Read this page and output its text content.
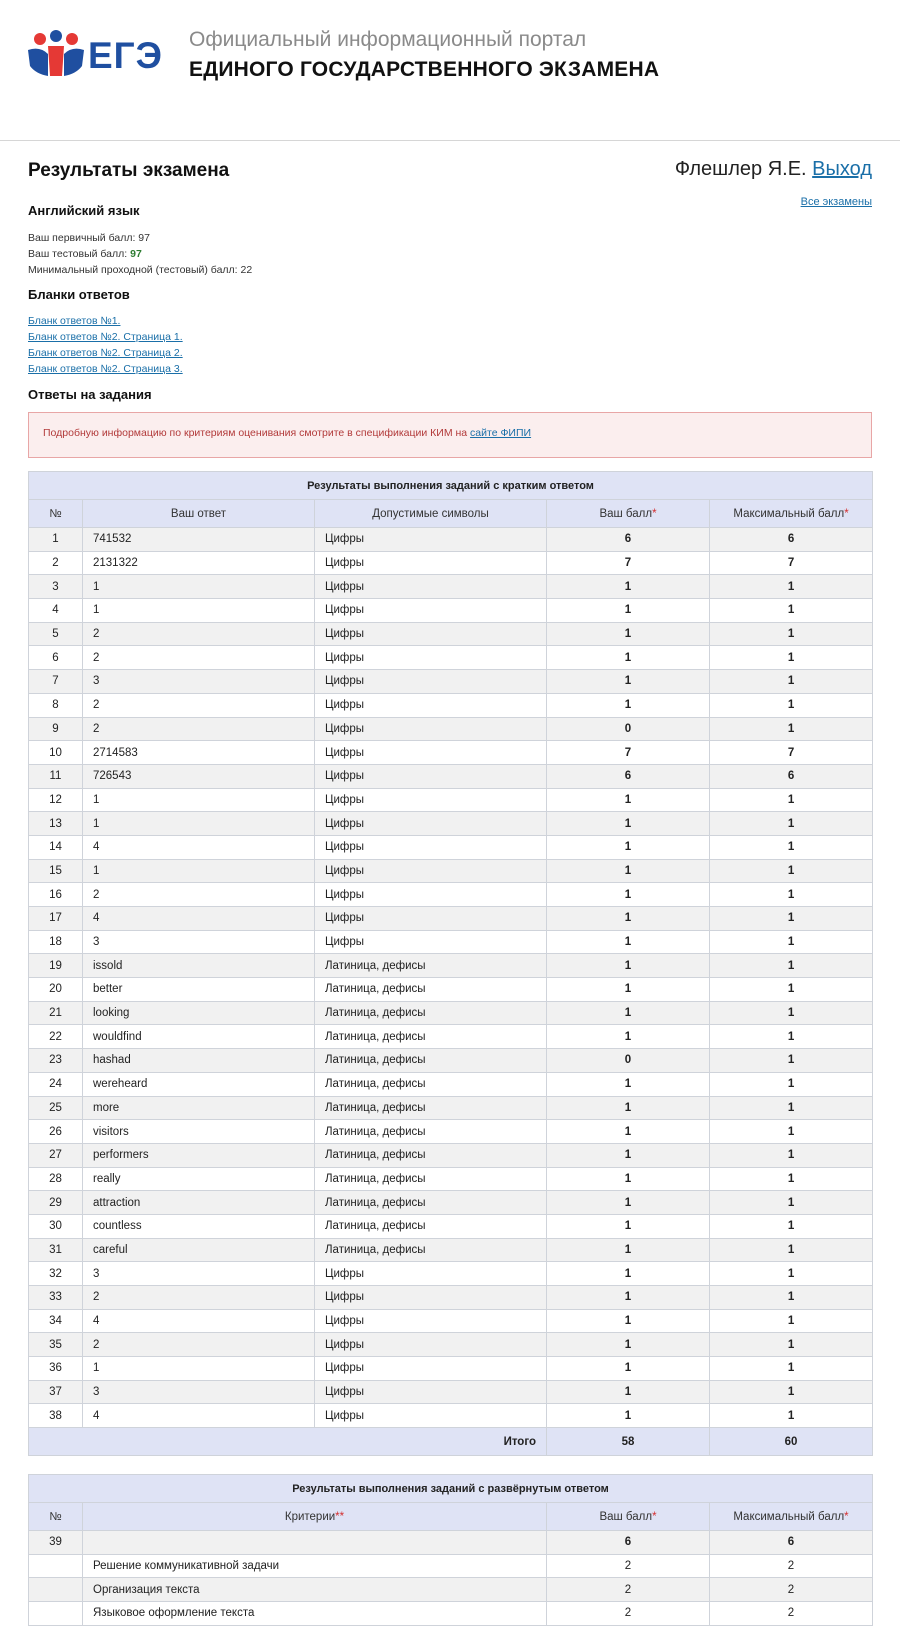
ЕГЭ Официальный информационный портал
ЕДИНОГО ГОСУДАРСТВЕННОГО ЭКЗАМЕНА
Результаты экзамена	Флешлер Я.Е. Выход
Все экзамены
Английский язык
Ваш первичный балл: 97
Ваш тестовый балл: 97
Минимальный проходной (тестовый) балл: 22
Бланки ответов
Бланк ответов №1.
Бланк ответов №2. Страница 1.
Бланк ответов №2. Страница 2.
Бланк ответов №2. Страница 3.
Ответы на задания
Подробную информацию по критериям оценивания смотрите в спецификации КИМ на сайте ФИПИ
Результаты выполнения заданий с кратким ответом				
№	Ваш ответ	Допустимые символы	Ваш балл*	Максимальный балл*
1	741532	Цифры	6	6
2	2131322	Цифры	7	7
3	1	Цифры	1	1
4	1	Цифры	1	1
5	2	Цифры	1	1
6	2	Цифры	1	1
7	3	Цифры	1	1
8	2	Цифры	1	1
9	2	Цифры	0	1
10	2714583	Цифры	7	7
11	726543	Цифры	6	6
12	1	Цифры	1	1
13	1	Цифры	1	1
14	4	Цифры	1	1
15	1	Цифры	1	1
16	2	Цифры	1	1
17	4	Цифры	1	1
18	3	Цифры	1	1
19	issold	Латиница, дефисы	1	1
20	better	Латиница, дефисы	1	1
21	looking	Латиница, дефисы	1	1
22	wouldfind	Латиница, дефисы	1	1
23	hashad	Латиница, дефисы	0	1
24	wereheard	Латиница, дефисы	1	1
25	more	Латиница, дефисы	1	1
26	visitors	Латиница, дефисы	1	1
27	performers	Латиница, дефисы	1	1
28	really	Латиница, дефисы	1	1
29	attraction	Латиница, дефисы	1	1
30	countless	Латиница, дефисы	1	1
31	careful	Латиница, дефисы	1	1
32	3	Цифры	1	1
33	2	Цифры	1	1
34	4	Цифры	1	1
35	2	Цифры	1	1
36	1	Цифры	1	1
37	3	Цифры	1	1
38	4	Цифры	1	1
Итого			58	60
Результаты выполнения заданий с развёрнутым ответом			
№	Критерии**	Ваш балл*	Максимальный балл*
39		6	6
	Решение коммуникативной задачи	2	2
	Организация текста	2	2
	Языковое оформление текста	2	2
